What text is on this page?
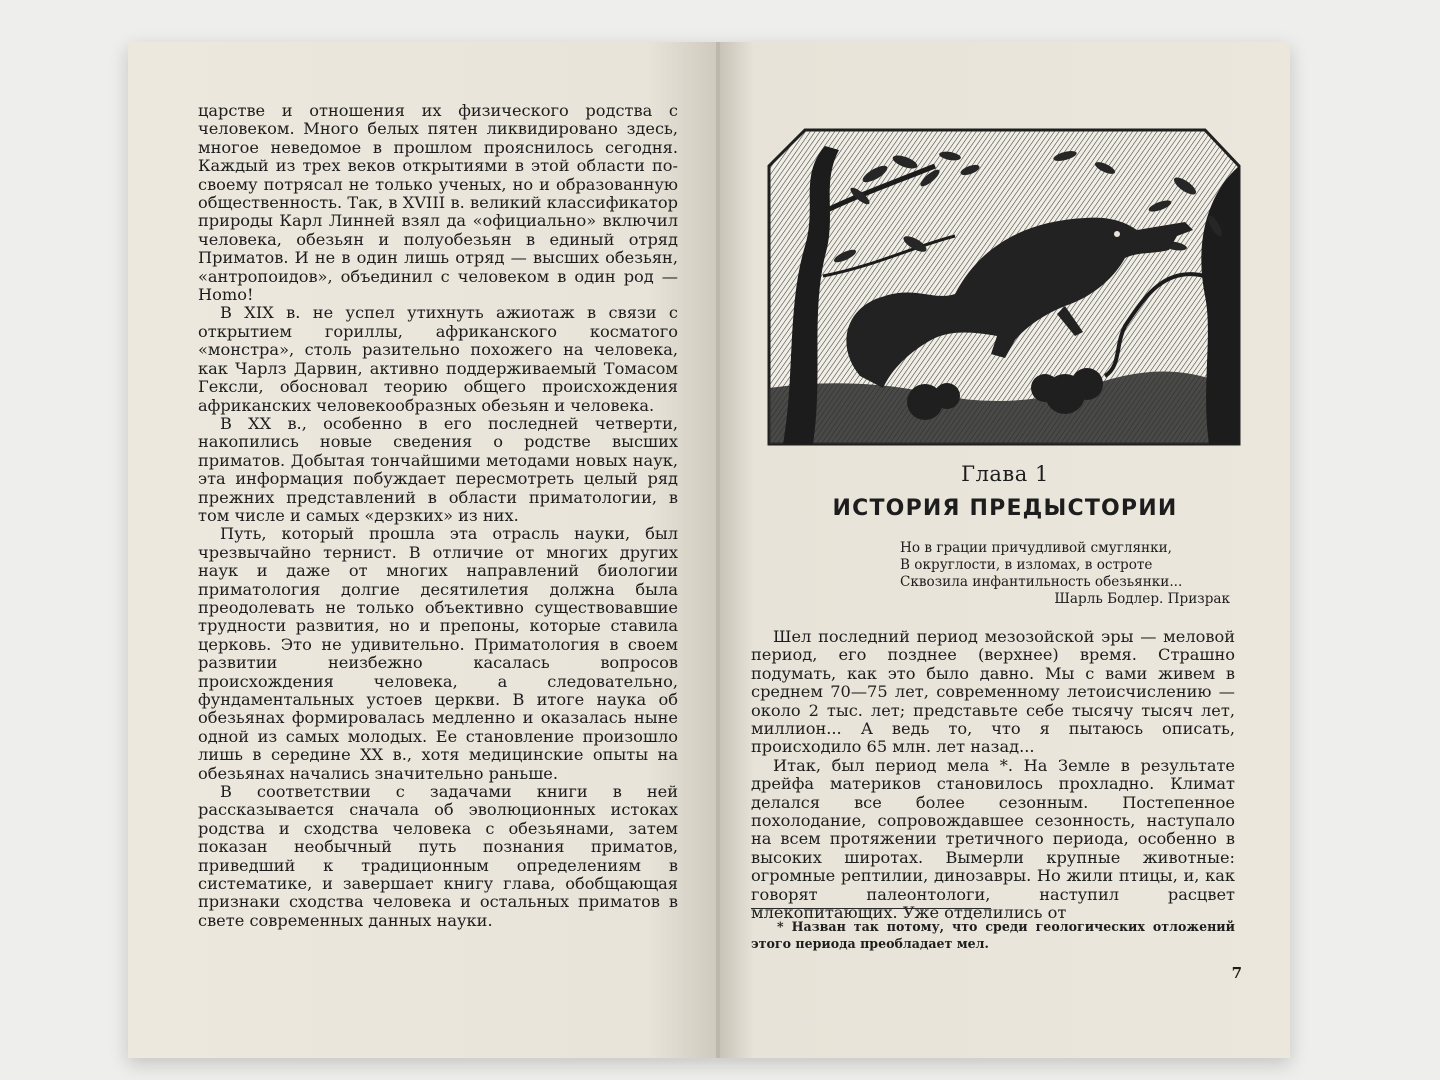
царстве и отношения их физического родства с человеком. Много белых пятен ликвидировано здесь, многое неведомое в прошлом прояснилось сегодня. Каждый из трех веков открытиями в этой области по-своему потрясал не только ученых, но и образованную общественность. Так, в XVIII в. великий классификатор природы Карл Линней взял да «официально» включил человека, обезьян и полуобезьян в единый отряд Приматов. И не в один лишь отряд — высших обезьян, «антропоидов», объединил с человеком в один род — Homo!

В XIX в. не успел утихнуть ажиотаж в связи с открытием гориллы, африканского косматого «монстра», столь разительно похожего на человека, как Чарлз Дарвин, активно поддерживаемый Томасом Гексли, обосновал теорию общего происхождения африканских человекообразных обезьян и человека.

В XX в., особенно в его последней четверти, накопились новые сведения о родстве высших приматов. Добытая тончайшими методами новых наук, эта информация побуждает пересмотреть целый ряд прежних представлений в области приматологии, в том числе и самых «дерзких» из них.

Путь, который прошла эта отрасль науки, был чрезвычайно тернист. В отличие от многих других наук и даже от многих направлений биологии приматология долгие десятилетия должна была преодолевать не только объективно существовавшие трудности развития, но и препоны, которые ставила церковь. Это не удивительно. Приматология в своем развитии неизбежно касалась вопросов происхождения человека, а следовательно, фундаментальных устоев церкви. В итоге наука об обезьянах формировалась медленно и оказалась ныне одной из самых молодых. Ее становление произошло лишь в середине XX в., хотя медицинские опыты на обезьянах начались значительно раньше.

В соответствии с задачами книги в ней рассказывается сначала об эволюционных истоках родства и сходства человека с обезьянами, затем показан необычный путь познания приматов, приведший к традиционным определениям в систематике, и завершает книгу глава, обобщающая признаки сходства человека и остальных приматов в свете современных данных науки.

Глава 1
ИСТОРИЯ ПРЕДЫСТОРИИ
Но в грации причудливой смуглянки,
В округлости, в изломах, в остроте
Сквозила инфантильность обезьянки...
Шарль Бодлер. Призрак

Шел последний период мезозойской эры — меловой период, его позднее (верхнее) время. Страшно подумать, как это было давно. Мы с вами живем в среднем 70—75 лет, современному летоисчислению — около 2 тыс. лет; представьте себе тысячу тысяч лет, миллион... А ведь то, что я пытаюсь описать, происходило 65 млн. лет назад...

Итак, был период мела *. На Земле в результате дрейфа материков становилось прохладно. Климат делался все более сезонным. Постепенное похолодание, сопровождавшее сезонность, наступало на всем протяжении третичного периода, особенно в высоких широтах. Вымерли крупные животные: огромные рептилии, динозавры. Но жили птицы, и, как говорят палеонтологи, наступил расцвет млекопитающих. Уже отделились от

* Назван так потому, что среди геологических отложений этого периода преобладает мел.

7
